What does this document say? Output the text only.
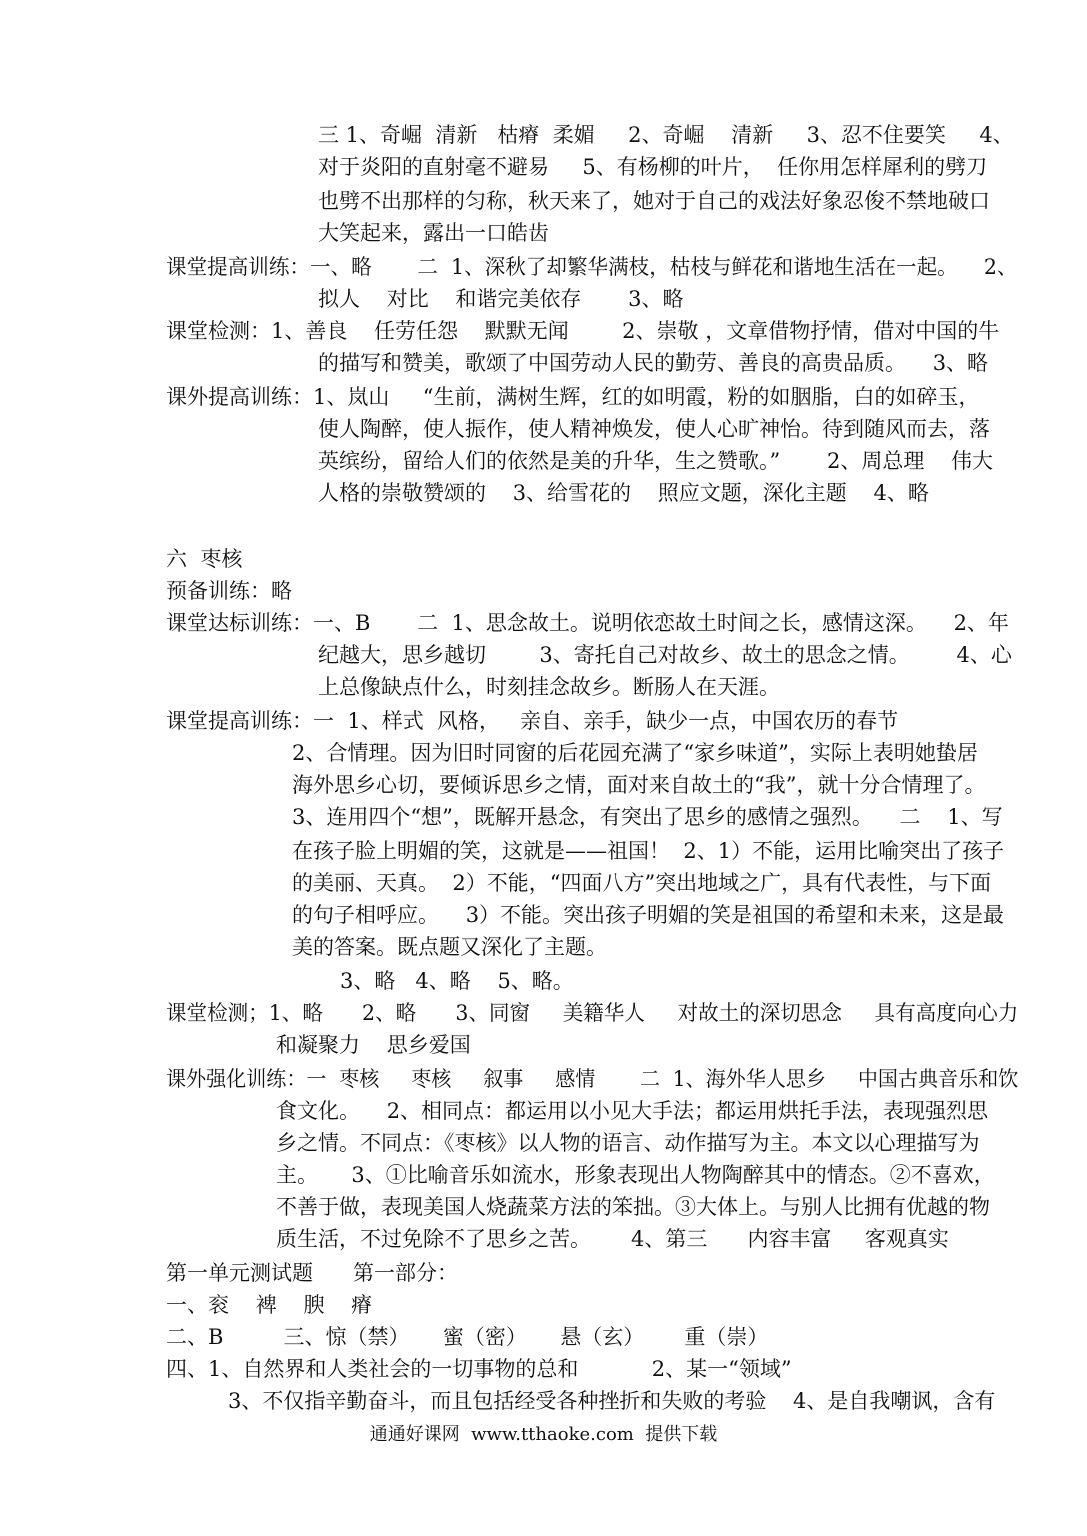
三 1、奇崛  清新   枯瘠  柔媚     2、奇崛    清新     3、忍不住要笑     4、
对于炎阳的直射毫不避易     5、有杨柳的叶片，  任你用怎样犀利的劈刀
也劈不出那样的匀称，秋天来了，她对于自己的戏法好象忍俊不禁地破口
大笑起来，露出一口皓齿
课堂提高训练：一、略       二  1、深秋了却繁华满枝，枯枝与鲜花和谐地生活在一起。    2、
拟人    对比    和谐完美依存       3、略
课堂检测：1、善良    任劳任怨    默默无闻        2、崇敬 ，文章借物抒情，借对中国的牛
的描写和赞美，歌颂了中国劳动人民的勤劳、善良的高贵品质。    3、略
课外提高训练：1、岚山     “生前，满树生辉，红的如明霞，粉的如胭脂，白的如碎玉，
使人陶醉，使人振作，使人精神焕发，使人心旷神怡。待到随风而去，落
英缤纷，留给人们的依然是美的升华，生之赞歌。”       2、周总理    伟大
人格的崇敬赞颂的    3、给雪花的    照应文题，深化主题    4、略
六  枣核
预备训练：略
课堂达标训练：一、B       二  1、思念故土。说明依恋故土时间之长，感情这深。    2、年
纪越大，思乡越切        3、寄托自己对故乡、故土的思念之情。       4、心
上总像缺点什么，时刻挂念故乡。断肠人在天涯。
课堂提高训练：一  1、样式  风格，   亲自、亲手，缺少一点，中国农历的春节
2、合情理。因为旧时同窗的后花园充满了“家乡味道”，实际上表明她蛰居
海外思乡心切，要倾诉思乡之情，面对来自故土的“我”，就十分合情理了。
3、连用四个“想”，既解开悬念，有突出了思乡的感情之强烈。    二    1、写
在孩子脸上明媚的笑，这就是——祖国！  2、1）不能，运用比喻突出了孩子
的美丽、天真。  2）不能，“四面八方”突出地域之广，具有代表性，与下面
的句子相呼应。    3）不能。突出孩子明媚的笑是祖国的希望和未来，这是最
美的答案。既点题又深化了主题。
3、略   4、略    5、略。
课堂检测；1、略      2、略      3、同窗     美籍华人     对故土的深切思念     具有高度向心力
和凝聚力    思乡爱国
课外强化训练：一  枣核     枣核     叙事     感情       二  1、海外华人思乡     中国古典音乐和饮
食文化。    2、相同点：都运用以小见大手法；都运用烘托手法，表现强烈思
乡之情。不同点：《枣核》以人物的语言、动作描写为主。本文以心理描写为
主。     3、①比喻音乐如流水，形象表现出人物陶醉其中的情态。②不喜欢，
不善于做，表现美国人烧蔬菜方法的笨拙。③大体上。与别人比拥有优越的物
质生活，不过免除不了思乡之苦。      4、第三      内容丰富     客观真实
第一单元测试题      第一部分：
一、衮    裨    腴    瘠
二、B         三、惊（禁）     蜜（密）     悬（玄）      重（崇）
四、1、自然界和人类社会的一切事物的总和           2、某一“领域”
3、不仅指辛勤奋斗，而且包括经受各种挫折和失败的考验    4、是自我嘲讽，含有
通通好课网  www.tthaoke.com  提供下载
